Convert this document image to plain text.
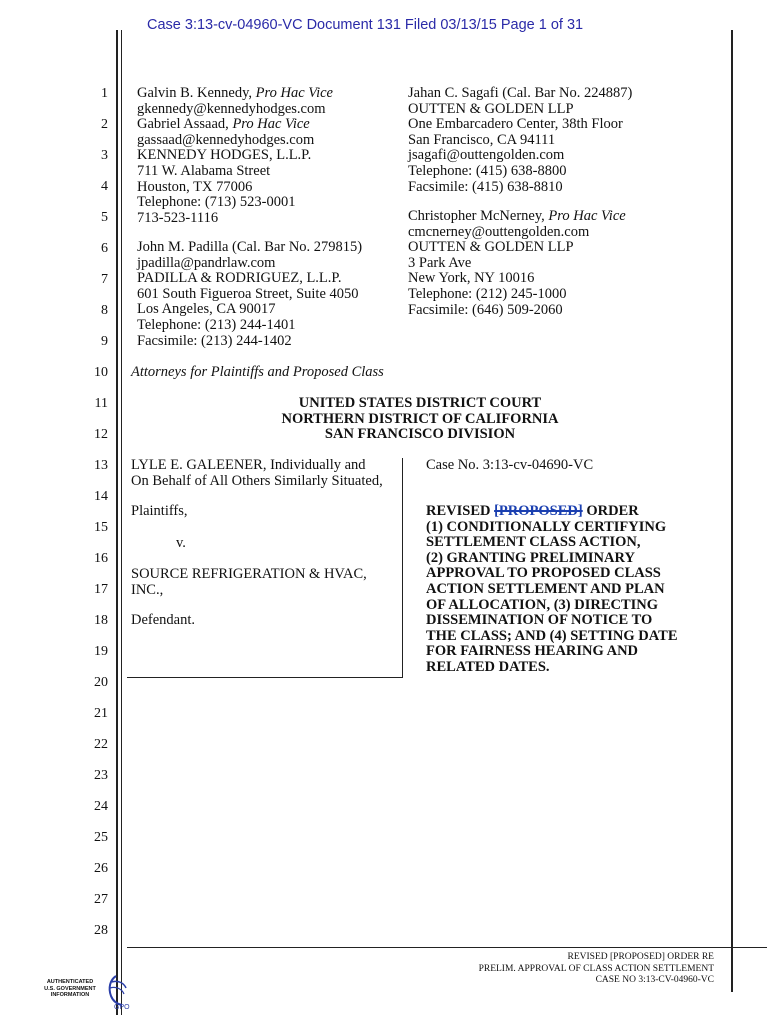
Case 3:13-cv-04960-VC Document 131 Filed 03/13/15 Page 1 of 31
1
2
3
4
5
6
7
8
9
10
11
12
13
14
15
16
17
18
19
20
21
22
23
24
25
26
27
28
Galvin B. Kennedy, Pro Hac Vice
gkennedy@kennedyhodges.com
Gabriel Assaad, Pro Hac Vice
gassaad@kennedyhodges.com
KENNEDY HODGES, L.L.P.
711 W. Alabama Street
Houston, TX 77006
Telephone: (713) 523-0001
713-523-1116
John M. Padilla (Cal. Bar No. 279815)
jpadilla@pandrlaw.com
PADILLA & RODRIGUEZ, L.L.P.
601 South Figueroa Street, Suite 4050
Los Angeles, CA 90017
Telephone: (213) 244-1401
Facsimile: (213) 244-1402
Jahan C. Sagafi (Cal. Bar No. 224887)
OUTTEN & GOLDEN LLP
One Embarcadero Center, 38th Floor
San Francisco, CA 94111
jsagafi@outtengolden.com
Telephone: (415) 638-8800
Facsimile: (415) 638-8810
Christopher McNerney, Pro Hac Vice
cmcnerney@outtengolden.com
OUTTEN & GOLDEN LLP
3 Park Ave
New York, NY 10016
Telephone: (212) 245-1000
Facsimile: (646) 509-2060
Attorneys for Plaintiffs and Proposed Class
UNITED STATES DISTRICT COURT
NORTHERN DISTRICT OF CALIFORNIA
SAN FRANCISCO DIVISION
LYLE E. GALEENER, Individually and
On Behalf of All Others Similarly Situated,
Plaintiffs,
v.
SOURCE REFRIGERATION & HVAC,
INC.,
Defendant.
Case No. 3:13-cv-04690-VC
REVISED [PROPOSED] ORDER
(1) CONDITIONALLY CERTIFYING
SETTLEMENT CLASS ACTION,
(2) GRANTING PRELIMINARY
APPROVAL TO PROPOSED CLASS
ACTION SETTLEMENT AND PLAN
OF ALLOCATION, (3) DIRECTING
DISSEMINATION OF NOTICE TO
THE CLASS; AND (4) SETTING DATE
FOR FAIRNESS HEARING AND
RELATED DATES.
REVISED [PROPOSED] ORDER RE
PRELIM. APPROVAL OF CLASS ACTION SETTLEMENT
CASE NO 3:13-CV-04960-VC
AUTHENTICATED
U.S. GOVERNMENT
INFORMATION
GPO
